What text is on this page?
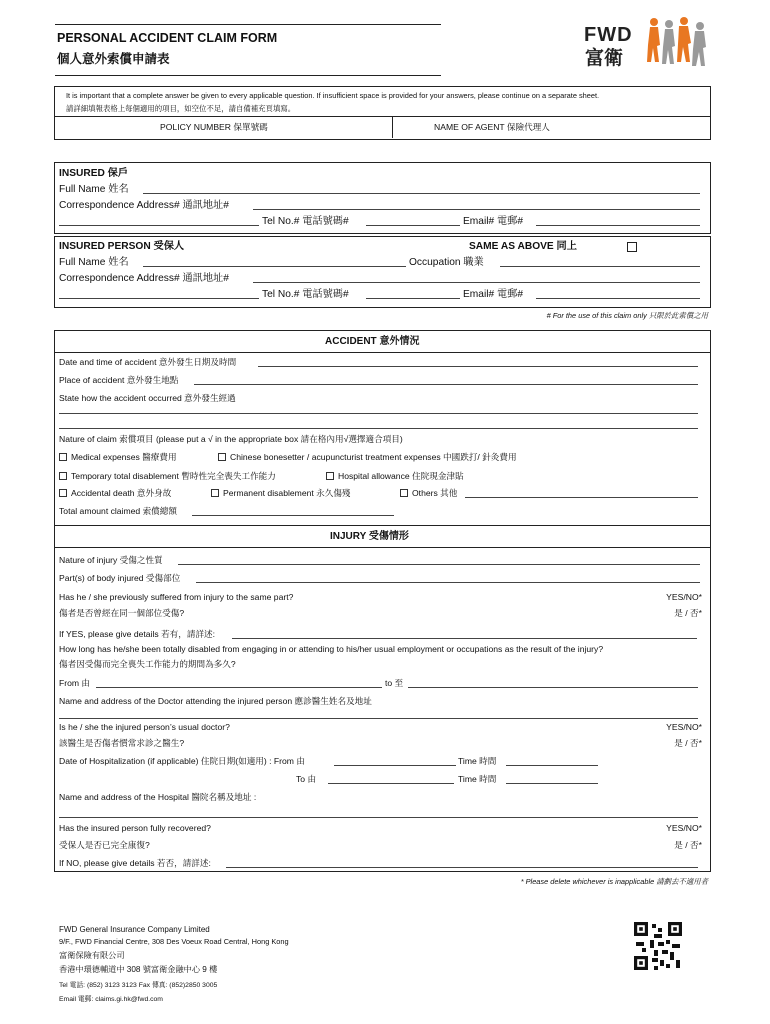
PERSONAL ACCIDENT CLAIM FORM
個人意外索償申請表
FWD
富衛
It is important that a complete answer be given to every applicable question. If insufficient space is provided for your answers, please continue on a separate sheet.
請詳細填報表格上每個適用的項目，如空位不足，請自備補充頁填寫。
POLICY NUMBER 保單號碼	NAME OF AGENT 保險代理人
INSURED 保戶
Full Name 姓名
Correspondence Address# 通訊地址#
Tel No.# 電話號碼#	Email# 電郵#
INSURED PERSON 受保人	SAME AS ABOVE 同上
Full Name 姓名	Occupation 職業
Correspondence Address# 通訊地址#
Tel No.# 電話號碼#	Email# 電郵#
# For the use of this claim only 只限於此索償之用
ACCIDENT 意外情況
Date and time of accident 意外發生日期及時間
Place of accident 意外發生地點
State how the accident occurred 意外發生經過
Nature of claim 索償項目 (please put a √ in the appropriate box 請在格內用√選擇適合項目)
Medical expenses 醫療費用	Chinese bonesetter / acupuncturist treatment expenses 中國跌打/ 針灸費用
Temporary total disablement 暫時性完全喪失工作能力	Hospital allowance 住院現金津貼
Accidental death 意外身故	Permanent disablement 永久傷殘	Others 其他
Total amount claimed 索償總額
INJURY 受傷情形
Nature of injury 受傷之性質
Part(s) of body injured 受傷部位
Has he / she previously suffered from injury to the same part?
傷者是否曾經在同一個部位受傷?
YES/NO*
是 / 否*
If YES, please give details 若有，請詳述:
How long has he/she been totally disabled from engaging in or attending to his/her usual employment or occupations as the result of the injury?
傷者因受傷而完全喪失工作能力的期間為多久?
From 由	to 至
Name and address of the Doctor attending the injured person 應診醫生姓名及地址
Is he / she the injured person’s usual doctor?
該醫生是否傷者慣常求診之醫生?
YES/NO*
是 / 否*
Date of Hospitalization (if applicable) 住院日期(如適用) : From 由	Time 時間
To 由	Time 時間
Name and address of the Hospital 醫院名稱及地址 :
Has the insured person fully recovered?
受保人是否已完全康復?
YES/NO*
是 / 否*
If NO, please give details 若否，請詳述:
* Please delete whichever is inapplicable 請劃去不適用者
FWD General Insurance Company Limited
9/F., FWD Financial Centre, 308 Des Voeux Road Central, Hong Kong
富衛保險有限公司
香港中環德輔道中 308 號富衛金融中心 9 樓
Tel 電話: (852) 3123 3123 Fax 傳真: (852)2850 3005
Email 電郵: claims.gi.hk@fwd.com
